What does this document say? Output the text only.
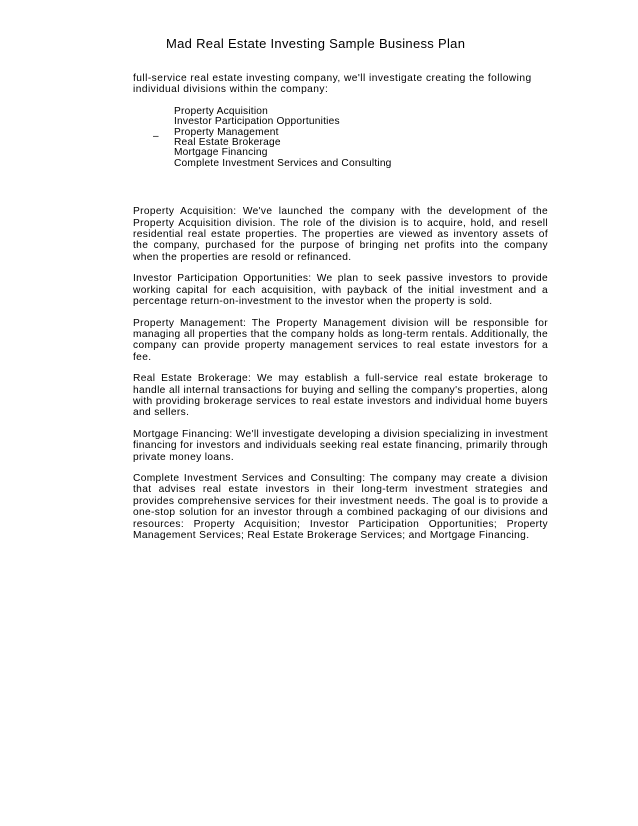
Mad Real Estate Investing Sample Business Plan

full-service real estate investing company, we'll investigate creating the following individual divisions within the company:

–
Property Acquisition
Investor Participation Opportunities
Property Management
Real Estate Brokerage
Mortgage Financing
Complete Investment Services and Consulting

Property Acquisition: We've launched the company with the development of the Property Acquisition division. The role of the division is to acquire, hold, and resell residential real estate properties. The properties are viewed as inventory assets of the company, purchased for the purpose of bringing net profits into the company when the properties are resold or refinanced.

Investor Participation Opportunities: We plan to seek passive investors to provide working capital for each acquisition, with payback of the initial investment and a percentage return-on-investment to the investor when the property is sold.

Property Management: The Property Management division will be responsible for managing all properties that the company holds as long-term rentals. Additionally, the company can provide property management services to real estate investors for a fee.

Real Estate Brokerage: We may establish a full-service real estate brokerage to handle all internal transactions for buying and selling the company's properties, along with providing brokerage services to real estate investors and individual home buyers and sellers.

Mortgage Financing: We'll investigate developing a division specializing in investment financing for investors and individuals seeking real estate financing, primarily through private money loans.

Complete Investment Services and Consulting: The company may create a division that advises real estate investors in their long-term investment strategies and provides comprehensive services for their investment needs. The goal is to provide a one-stop solution for an investor through a combined packaging of our divisions and resources: Property Acquisition; Investor Participation Opportunities; Property Management Services; Real Estate Brokerage Services; and Mortgage Financing.
